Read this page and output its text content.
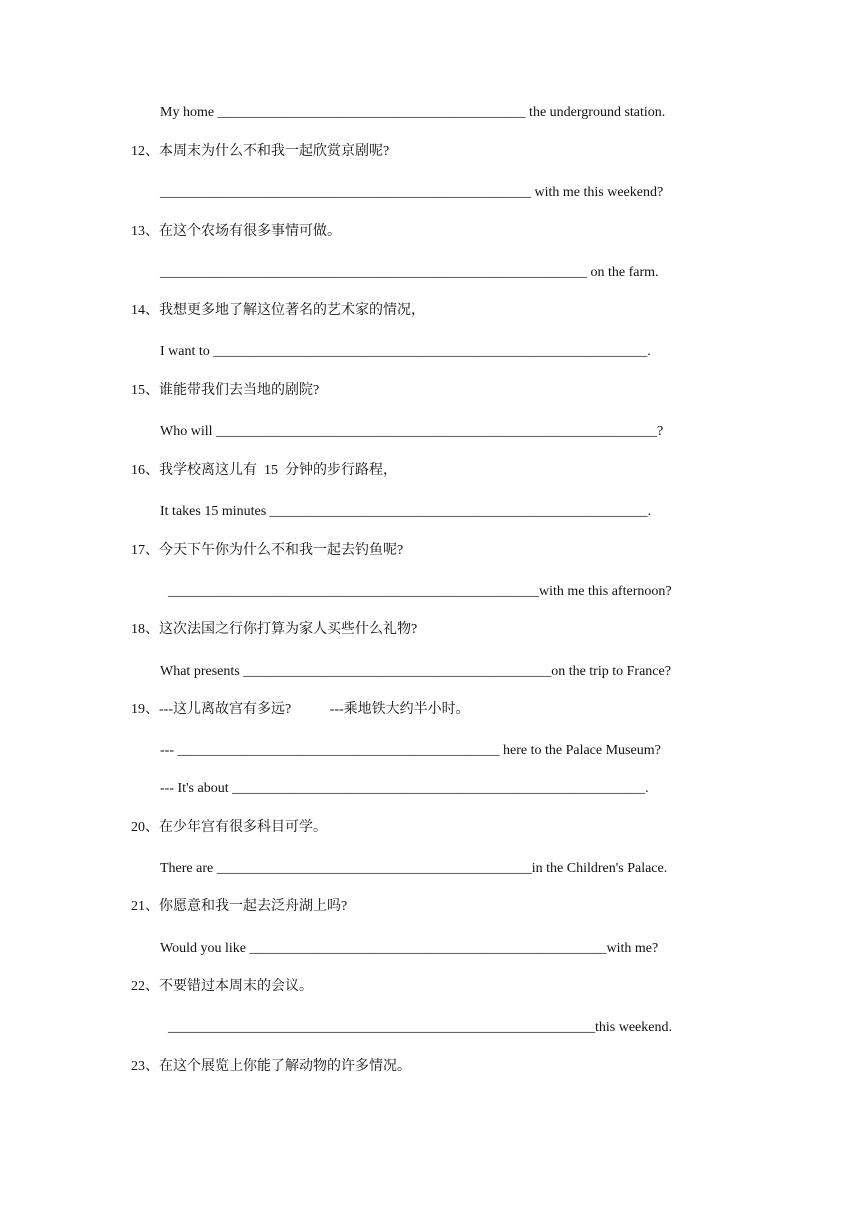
My home ____________________________________________ the underground station.
12、本周末为什么不和我一起欣赏京剧呢?
_____________________________________________________ with me this weekend?
13、在这个农场有很多事情可做。
_____________________________________________________________ on the farm.
14、我想更多地了解这位著名的艺术家的情况，
I want to ______________________________________________________________.
15、谁能带我们去当地的剧院?
Who will _______________________________________________________________?
16、我学校离这儿有  15  分钟的步行路程，
It takes 15 minutes ______________________________________________________.
17、今天下午你为什么不和我一起去钓鱼呢?
_____________________________________________________with me this afternoon?
18、这次法国之行你打算为家人买些什么礼物?
What presents ____________________________________________on the trip to France?
19、---这儿离故宫有多远?           ---乘地铁大约半小时。
--- ______________________________________________ here to the Palace Museum?
--- It's about ___________________________________________________________.
20、在少年宫有很多科目可学。
There are _____________________________________________in the Children's Palace.
21、你愿意和我一起去泛舟湖上吗?
Would you like ___________________________________________________with me?
22、不要错过本周末的会议。
_____________________________________________________________this weekend.
23、在这个展览上你能了解动物的许多情况。
